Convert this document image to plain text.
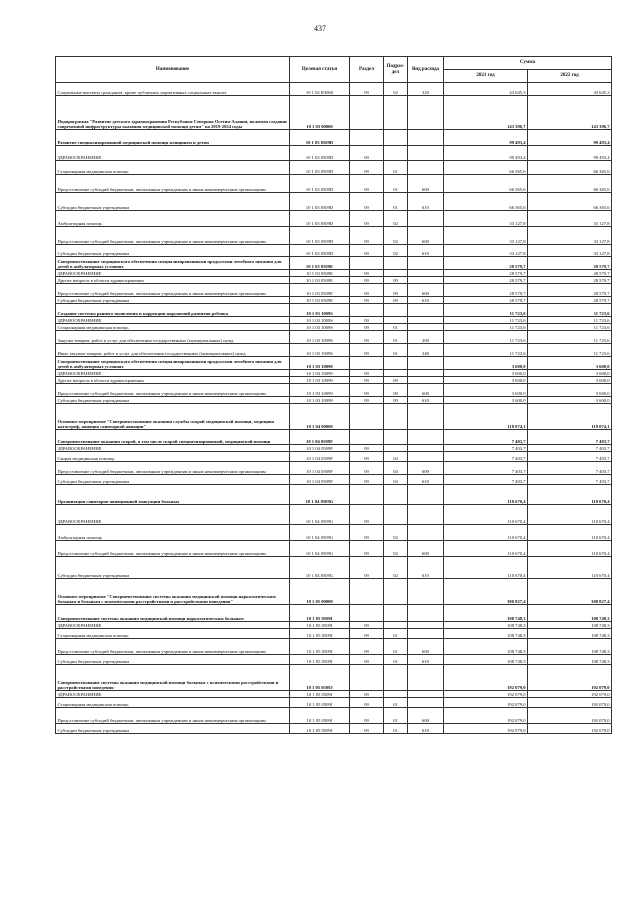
437
Наименование	Целевая статья	Раздел	Подраз-дел	Вид расхода	Сумма	
					2021 год	2022 год

Социальные выплаты гражданам, кроме публичных нормативных социальных выплат	10 1 02 R3860	09	02	320	43 645,3	43 645,3
Подпрограмма "Развитие детского здравоохранения Республики Северная Осетия-Алания, включая создание современной инфраструктуры оказания медицинской помощи детям" на 2019-2024 годы	10 1 03 00000				143 396,7	143 396,7
Развитие специализированной медицинской помощи женщинам и детям	10 1 03 0509D				99 493,4	99 493,4
ЗДРАВООХРАНЕНИЕ	10 1 03 0509D	09			99 493,4	99 493,4
Стационарная медицинская помощь	10 1 03 0509D	09	01		66 365,6	66 365,6
Предоставление субсидий бюджетным, автономным учреждениям и иным некоммерческим организациям	10 1 03 0509D	09	01	600	66 365,6	66 365,6
Субсидии бюджетным учреждениям	10 1 03 0509D	09	01	610	66 365,6	66 365,6
Амбулаторная помощь	10 1 03 0509D	09	02		33 127,8	33 127,8
Предоставление субсидий бюджетным, автономным учреждениям и иным некоммерческим организациям	10 1 03 0509D	09	02	600	33 127,8	33 127,8
Субсидии бюджетным учреждениям	10 1 03 0509D	09	02	610	33 127,8	33 127,8
Совершенствование медицинского обеспечения специализированными продуктами лечебного питания для детей в амбулаторных условиях	10 1 03 0509E				28 579,7	28 579,7
ЗДРАВООХРАНЕНИЕ	10 1 03 0509E	09			28 579,7	28 579,7
Другие вопросы в области здравоохранения	10 1 03 0509E	09	09		28 579,7	28 579,7
Предоставление субсидий бюджетным, автономным учреждениям и иным некоммерческим организациям	10 1 03 0509E	09	09	600	28 579,7	28 579,7
Субсидии бюджетным учреждениям	10 1 03 0509E	09	09	610	28 579,7	28 579,7
Создание системы раннего выявления и коррекции нарушений развития ребенка	10 1 03 1009S				11 723,6	11 723,6
ЗДРАВООХРАНЕНИЕ	10 1 03 1009S	09			11 723,6	11 723,6
Стационарная медицинская помощь	10 1 03 1009S	09	01		11 723,6	11 723,6
Закупка товаров, работ и услуг для обеспечения государственных (муниципальных) нужд	10 1 03 1009S	09	01	200	11 723,6	11 723,6
Иные закупки товаров, работ и услуг для обеспечения государственных (муниципальных) нужд	10 1 03 1009S	09	01	240	11 723,6	11 723,6
Совершенствование медицинского обеспечения специализированными продуктами лечебного питания для детей в амбулаторных условиях	10 1 03 10099				3 600,0	3 600,0
ЗДРАВООХРАНЕНИЕ	10 1 03 10099	09			3 600,0	3 600,0
Другие вопросы в области здравоохранения	10 1 03 10099	09	09		3 600,0	3 600,0
Предоставление субсидий бюджетным, автономным учреждениям и иным некоммерческим организациям	10 1 03 10099	09	09	600	3 600,0	3 600,0
Субсидии бюджетным учреждениям	10 1 03 10099	09	09	610	3 600,0	3 600,0
Основное мероприятие "Совершенствование оказания службы скорой медицинской помощи, медицина катастроф, авиация санитарной авиации"	10 1 04 00000				118 074,1	118 074,1
Совершенствование оказания скорой, в том числе скорой специализированной, медицинской помощи	10 1 04 0509F				7 403,7	7 403,7
ЗДРАВООХРАНЕНИЕ	10 1 04 0509F	09			7 403,7	7 403,7
Скорая медицинская помощь	10 1 04 0509F	09	04		7 403,7	7 403,7
Предоставление субсидий бюджетным, автономным учреждениям и иным некоммерческим организациям	10 1 04 0509F	09	04	600	7 403,7	7 403,7
Субсидии бюджетным учреждениям	10 1 04 0509F	09	04	610	7 403,7	7 403,7
Организация санитарно-авиационной эвакуации больных	10 1 04 0509G				110 670,4	110 670,4
ЗДРАВООХРАНЕНИЕ	10 1 04 0509G	09			110 670,4	110 670,4
Амбулаторная помощь	10 1 04 0509G	09	02		110 670,4	110 670,4
Предоставление субсидий бюджетным, автономным учреждениям и иным некоммерческим организациям	10 1 04 0509G	09	02	600	110 670,4	110 670,4
Субсидии бюджетным учреждениям	10 1 04 0509G	09	02	610	110 670,4	110 670,4
Основное мероприятие "Совершенствование системы оказания медицинской помощи наркологическим больным и больным с психическими расстройствами и расстройствами поведения"	10 1 05 00000				300 827,4	300 827,4
Совершенствование системы оказания медицинской помощи наркологическим больным	10 1 05 0509I				108 748,3	108 748,3
ЗДРАВООХРАНЕНИЕ	10 1 05 0509I	09			108 748,3	108 748,3
Стационарная медицинская помощь	10 1 05 0509I	09	01		108 748,3	108 748,3
Предоставление субсидий бюджетным, автономным учреждениям и иным некоммерческим организациям	10 1 05 0509I	09	01	600	108 748,3	108 748,3
Субсидии бюджетным учреждениям	10 1 05 0509I	09	01	610	108 748,3	108 748,3
Совершенствование системы оказания медицинской помощи больным с психическими расстройствами и расстройствами поведения	10 1 05 0509J				192 079,0	192 079,0
ЗДРАВООХРАНЕНИЕ	10 1 05 0509J	09			192 079,0	192 079,0
Стационарная медицинская помощь	10 1 05 0509J	09	01		192 079,0	192 079,0
Предоставление субсидий бюджетным, автономным учреждениям и иным некоммерческим организациям	10 1 05 0509J	09	01	600	192 079,0	192 079,0
Субсидии бюджетным учреждениям	10 1 05 0509J	09	01	610	192 079,0	192 079,0
